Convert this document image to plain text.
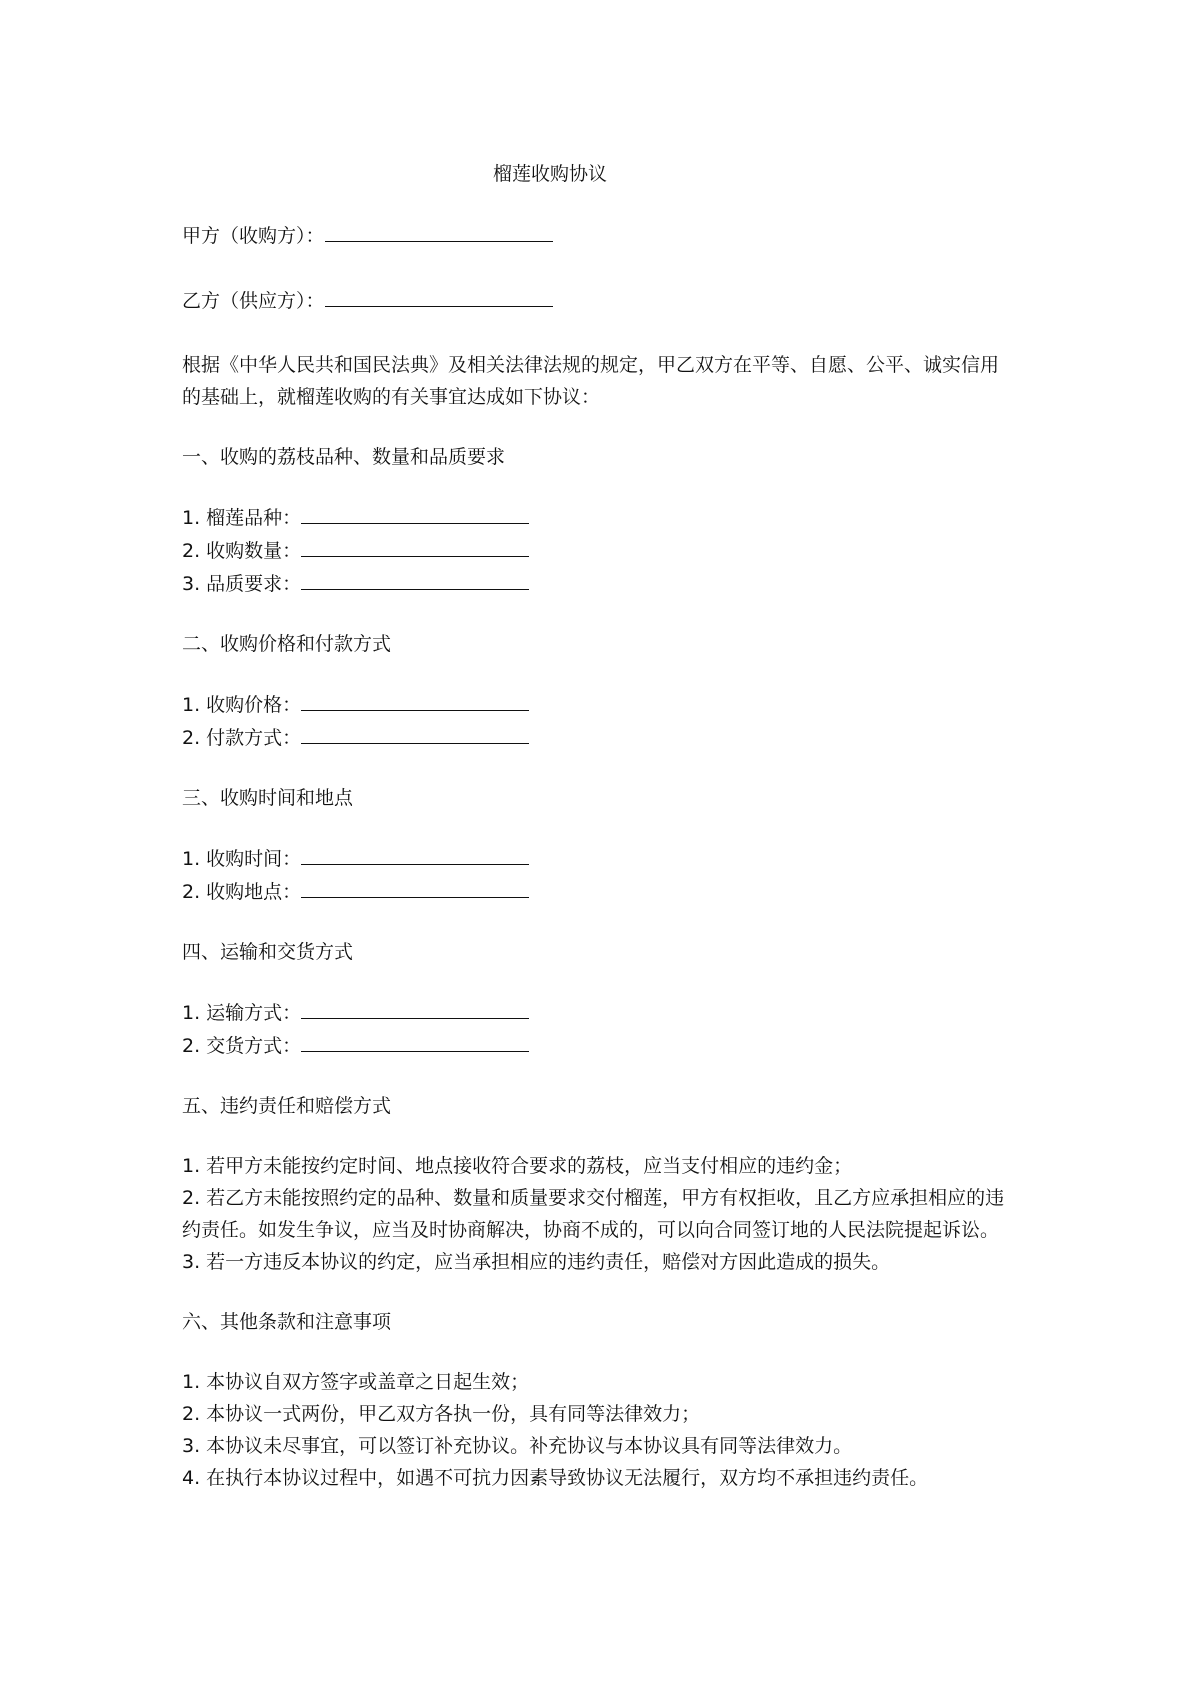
榴莲收购协议
甲方（收购方）：
乙方（供应方）：
根据《中华人民共和国民法典》及相关法律法规的规定，甲乙双方在平等、自愿、公平、诚实信用的基础上，就榴莲收购的有关事宜达成如下协议：
一、收购的荔枝品种、数量和品质要求
1. 榴莲品种：
2. 收购数量：
3. 品质要求：
二、收购价格和付款方式
1. 收购价格：
2. 付款方式：
三、收购时间和地点
1. 收购时间：
2. 收购地点：
四、运输和交货方式
1. 运输方式：
2. 交货方式：
五、违约责任和赔偿方式
1. 若甲方未能按约定时间、地点接收符合要求的荔枝，应当支付相应的违约金；
2. 若乙方未能按照约定的品种、数量和质量要求交付榴莲，甲方有权拒收，且乙方应承担相应的违约责任。如发生争议，应当及时协商解决，协商不成的，可以向合同签订地的人民法院提起诉讼。
3. 若一方违反本协议的约定，应当承担相应的违约责任，赔偿对方因此造成的损失。
六、其他条款和注意事项
1. 本协议自双方签字或盖章之日起生效；
2. 本协议一式两份，甲乙双方各执一份，具有同等法律效力；
3. 本协议未尽事宜，可以签订补充协议。补充协议与本协议具有同等法律效力。
4. 在执行本协议过程中，如遇不可抗力因素导致协议无法履行，双方均不承担违约责任。
